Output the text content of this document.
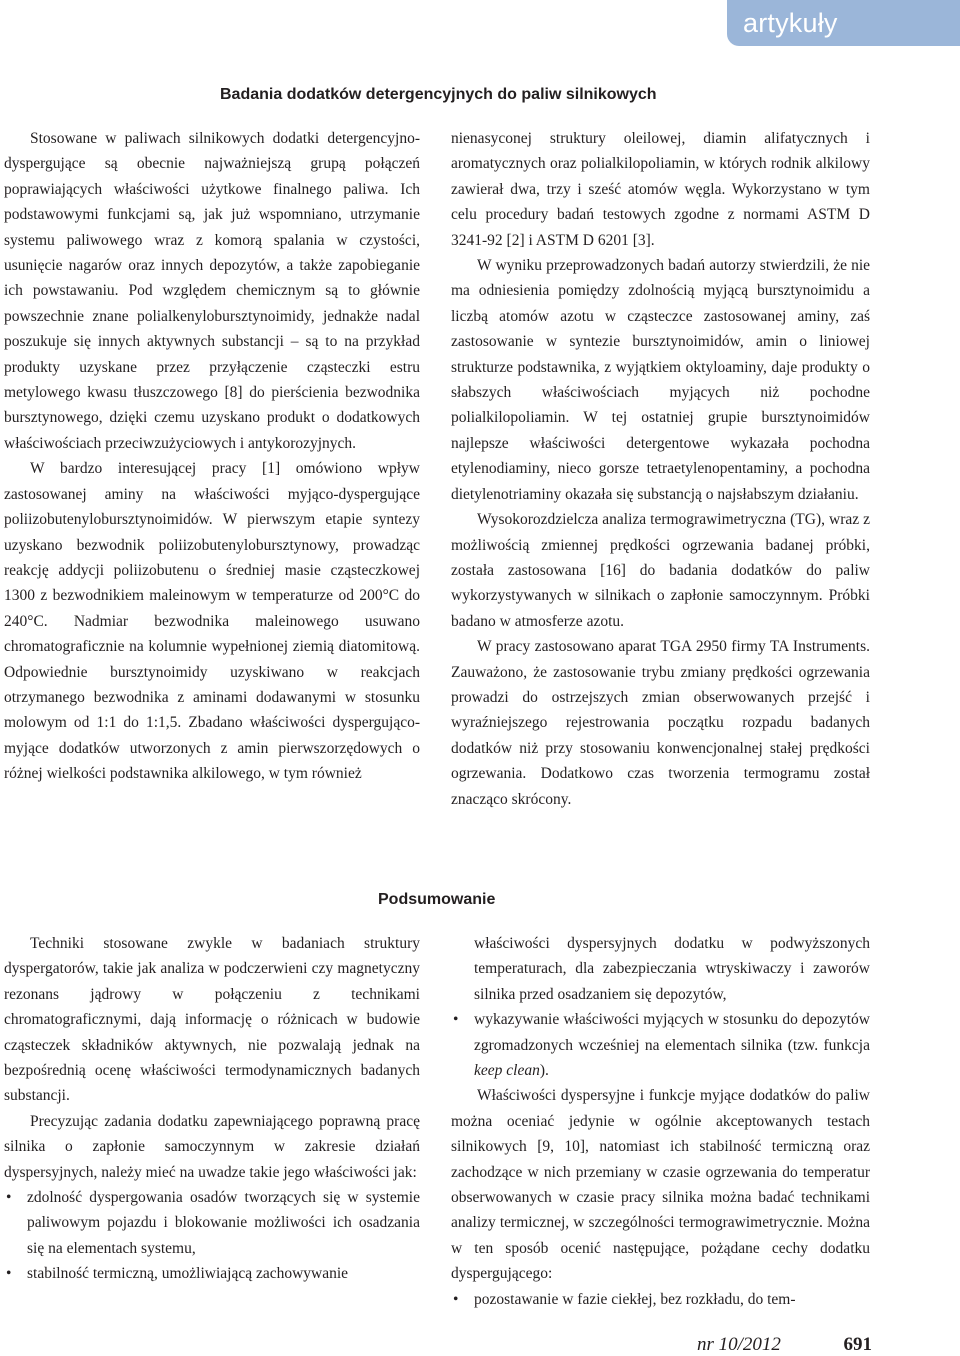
artykuły
Badania dodatków detergencyjnych do paliw silnikowych

Stosowane w paliwach silnikowych dodatki detergencyjno-dyspergujące są obecnie najważniejszą grupą połączeń poprawiających właściwości użytkowe finalnego paliwa. Ich podstawowymi funkcjami są, jak już wspomniano, utrzymanie systemu paliwowego wraz z komorą spalania w czystości, usunięcie nagarów oraz innych depozytów, a także zapobieganie ich powstawaniu. Pod względem chemicznym są to głównie powszechnie znane polialkenylobursztynoimidy, jednakże nadal poszukuje się innych aktywnych substancji – są to na przykład produkty uzyskane przez przyłączenie cząsteczki estru metylowego kwasu tłuszczowego [8] do pierścienia bezwodnika bursztynowego, dzięki czemu uzyskano produkt o dodatkowych właściwościach przeciwzużyciowych i antykorozyjnych.

W bardzo interesującej pracy [1] omówiono wpływ zastosowanej aminy na właściwości myjąco-dyspergujące poliizobutenylobursztynoimidów. W pierwszym etapie syntezy uzyskano bezwodnik poliizobutenylobursztynowy, prowadząc reakcję addycji poliizobutenu o średniej masie cząsteczkowej 1300 z bezwodnikiem maleinowym w temperaturze od 200°C do 240°C. Nadmiar bezwodnika maleinowego usuwano chromatograficznie na kolumnie wypełnionej ziemią diatomitową. Odpowiednie bursztynoimidy uzyskiwano w reakcjach otrzymanego bezwodnika z aminami dodawanymi w stosunku molowym od 1:1 do 1:1,5. Zbadano właściwości dyspergująco-myjące dodatków utworzonych z amin pierwszorzędowych o różnej wielkości podstawnika alkilowego, w tym również

nienasyconej struktury oleilowej, diamin alifatycznych i aromatycznych oraz polialkilopoliamin, w których rodnik alkilowy zawierał dwa, trzy i sześć atomów węgla. Wykorzystano w tym celu procedury badań testowych zgodne z normami ASTM D 3241-92 [2] i ASTM D 6201 [3].

W wyniku przeprowadzonych badań autorzy stwierdzili, że nie ma odniesienia pomiędzy zdolnością myjącą bursztynoimidu a liczbą atomów azotu w cząsteczce zastosowanej aminy, zaś zastosowanie w syntezie bursztynoimidów, amin o liniowej strukturze podstawnika, z wyjątkiem oktyloaminy, daje produkty o słabszych właściwościach myjących niż pochodne polialkilopoliamin. W tej ostatniej grupie bursztynoimidów najlepsze właściwości detergentowe wykazała pochodna etylenodiaminy, nieco gorsze tetraetylenopentaminy, a pochodna dietylenotriaminy okazała się substancją o najsłabszym działaniu.

Wysokorozdzielcza analiza termograwimetryczna (TG), wraz z możliwością zmiennej prędkości ogrzewania badanej próbki, została zastosowana [16] do badania dodatków do paliw wykorzystywanych w silnikach o zapłonie samoczynnym. Próbki badano w atmosferze azotu.

W pracy zastosowano aparat TGA 2950 firmy TA Instruments. Zauważono, że zastosowanie trybu zmiany prędkości ogrzewania prowadzi do ostrzejszych zmian obserwowanych przejść i wyraźniejszego rejestrowania początku rozpadu badanych dodatków niż przy stosowaniu konwencjonalnej stałej prędkości ogrzewania. Dodatkowo czas tworzenia termogramu został znacząco skrócony.

Podsumowanie

Techniki stosowane zwykle w badaniach struktury dyspergatorów, takie jak analiza w podczerwieni czy magnetyczny rezonans jądrowy w połączeniu z technikami chromatograficznymi, dają informację o różnicach w budowie cząsteczek składników aktywnych, nie pozwalają jednak na bezpośrednią ocenę właściwości termodynamicznych badanych substancji.

Precyzując zadania dodatku zapewniającego poprawną pracę silnika o zapłonie samoczynnym w zakresie działań dyspersyjnych, należy mieć na uwadze takie jego właściwości jak:

• zdolność dyspergowania osadów tworzących się w systemie paliwowym pojazdu i blokowanie możliwości ich osadzania się na elementach systemu,
• stabilność termiczną, umożliwiającą zachowywanie
właściwości dyspersyjnych dodatku w podwyższonych temperaturach, dla zabezpieczania wtryskiwaczy i zaworów silnika przed osadzaniem się depozytów,
• wykazywanie właściwości myjących w stosunku do depozytów zgromadzonych wcześniej na elementach silnika (tzw. funkcja keep clean).

Właściwości dyspersyjne i funkcje myjące dodatków do paliw można oceniać jedynie w ogólnie akceptowanych testach silnikowych [9, 10], natomiast ich stabilność termiczną oraz zachodzące w nich przemiany w czasie ogrzewania do temperatur obserwowanych w czasie pracy silnika można badać technikami analizy termicznej, w szczególności termograwimetrycznie. Można w ten sposób ocenić następujące, pożądane cechy dodatku dyspergującego:

• pozostawanie w fazie ciekłej, bez rozkładu, do tem-
nr 10/2012	691
